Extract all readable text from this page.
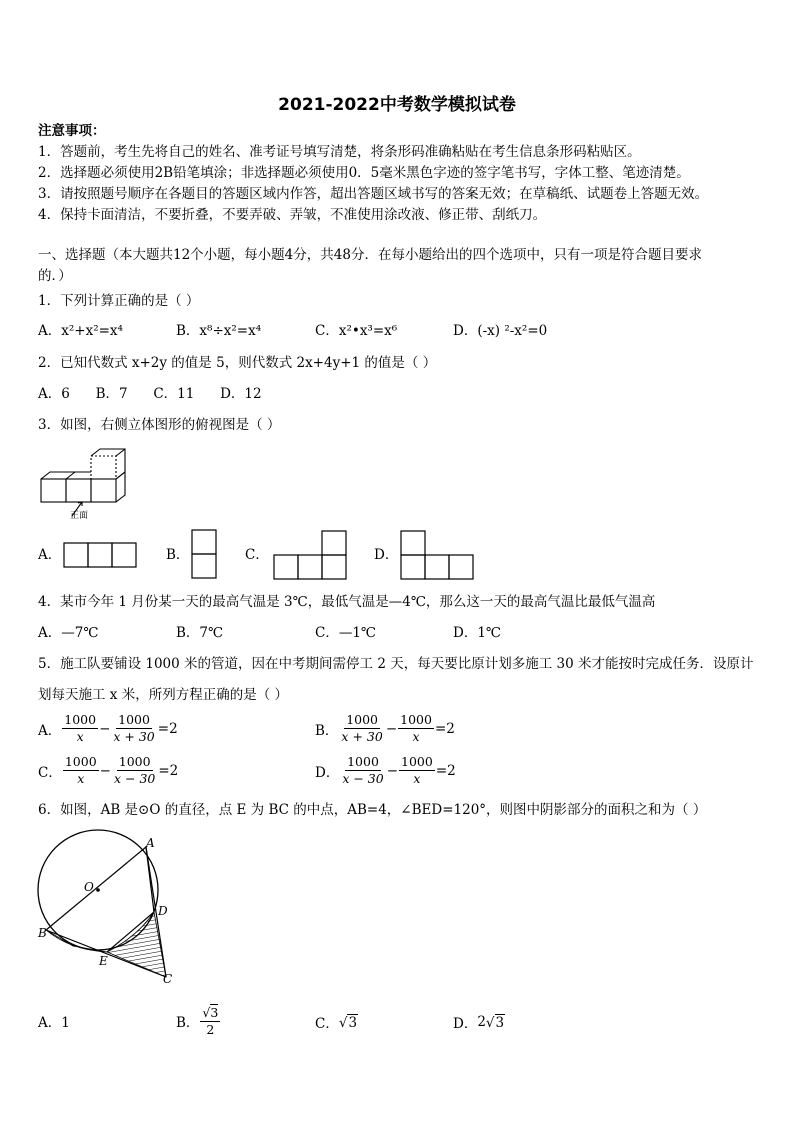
2021-2022中考数学模拟试卷
注意事项：
1．答题前，考生先将自己的姓名、准考证号填写清楚，将条形码准确粘贴在考生信息条形码粘贴区。
2．选择题必须使用2B铅笔填涂；非选择题必须使用0．5毫米黑色字迹的签字笔书写，字体工整、笔迹清楚。
3．请按照题号顺序在各题目的答题区域内作答，超出答题区域书写的答案无效；在草稿纸、试题卷上答题无效。
4．保持卡面清洁，不要折叠，不要弄破、弄皱，不准使用涂改液、修正带、刮纸刀。
一、选择题（本大题共12个小题，每小题4分，共48分．在每小题给出的四个选项中，只有一项是符合题目要求
的．）
1．下列计算正确的是（ ）
A．x²+x²=x⁴	B．x⁸÷x²=x⁴	C．x²•x³=x⁶	D．(-x) ²-x²=0
2．已知代数式 x+2y 的值是 5，则代数式 2x+4y+1 的值是（ ）
A．6      B．7      C．11      D．12
3．如图，右侧立体图形的俯视图是（ ）
正面
A．	B．	C．	D．
4．某市今年 1 月份某一天的最高气温是 3℃，最低气温是—4℃，那么这一天的最高气温比最低气温高
A．—7℃	B．7℃	C．—1℃	D．1℃
5．施工队要铺设 1000 米的管道，因在中考期间需停工 2 天，每天要比原计划多施工 30 米才能按时完成任务．设原计
划每天施工 x 米，所列方程正确的是（ ）
A． $\frac{1000}{x} - \frac{1000}{x + 30} =2$	B． $\frac{1000}{x + 30} - \frac{1000}{x} =2$
C． $\frac{1000}{x} - \frac{1000}{x - 30} =2$	D． $\frac{1000}{x - 30} - \frac{1000}{x} =2$
6．如图，AB 是⊙O 的直径，点 E 为 BC 的中点，AB=4，∠BED=120°，则图中阴影部分的面积之和为（ ）
A
O
B
D
E
C
A．1	B． $\frac{√ 3}{2}$	C． √ 3	D． 2 √ 3
